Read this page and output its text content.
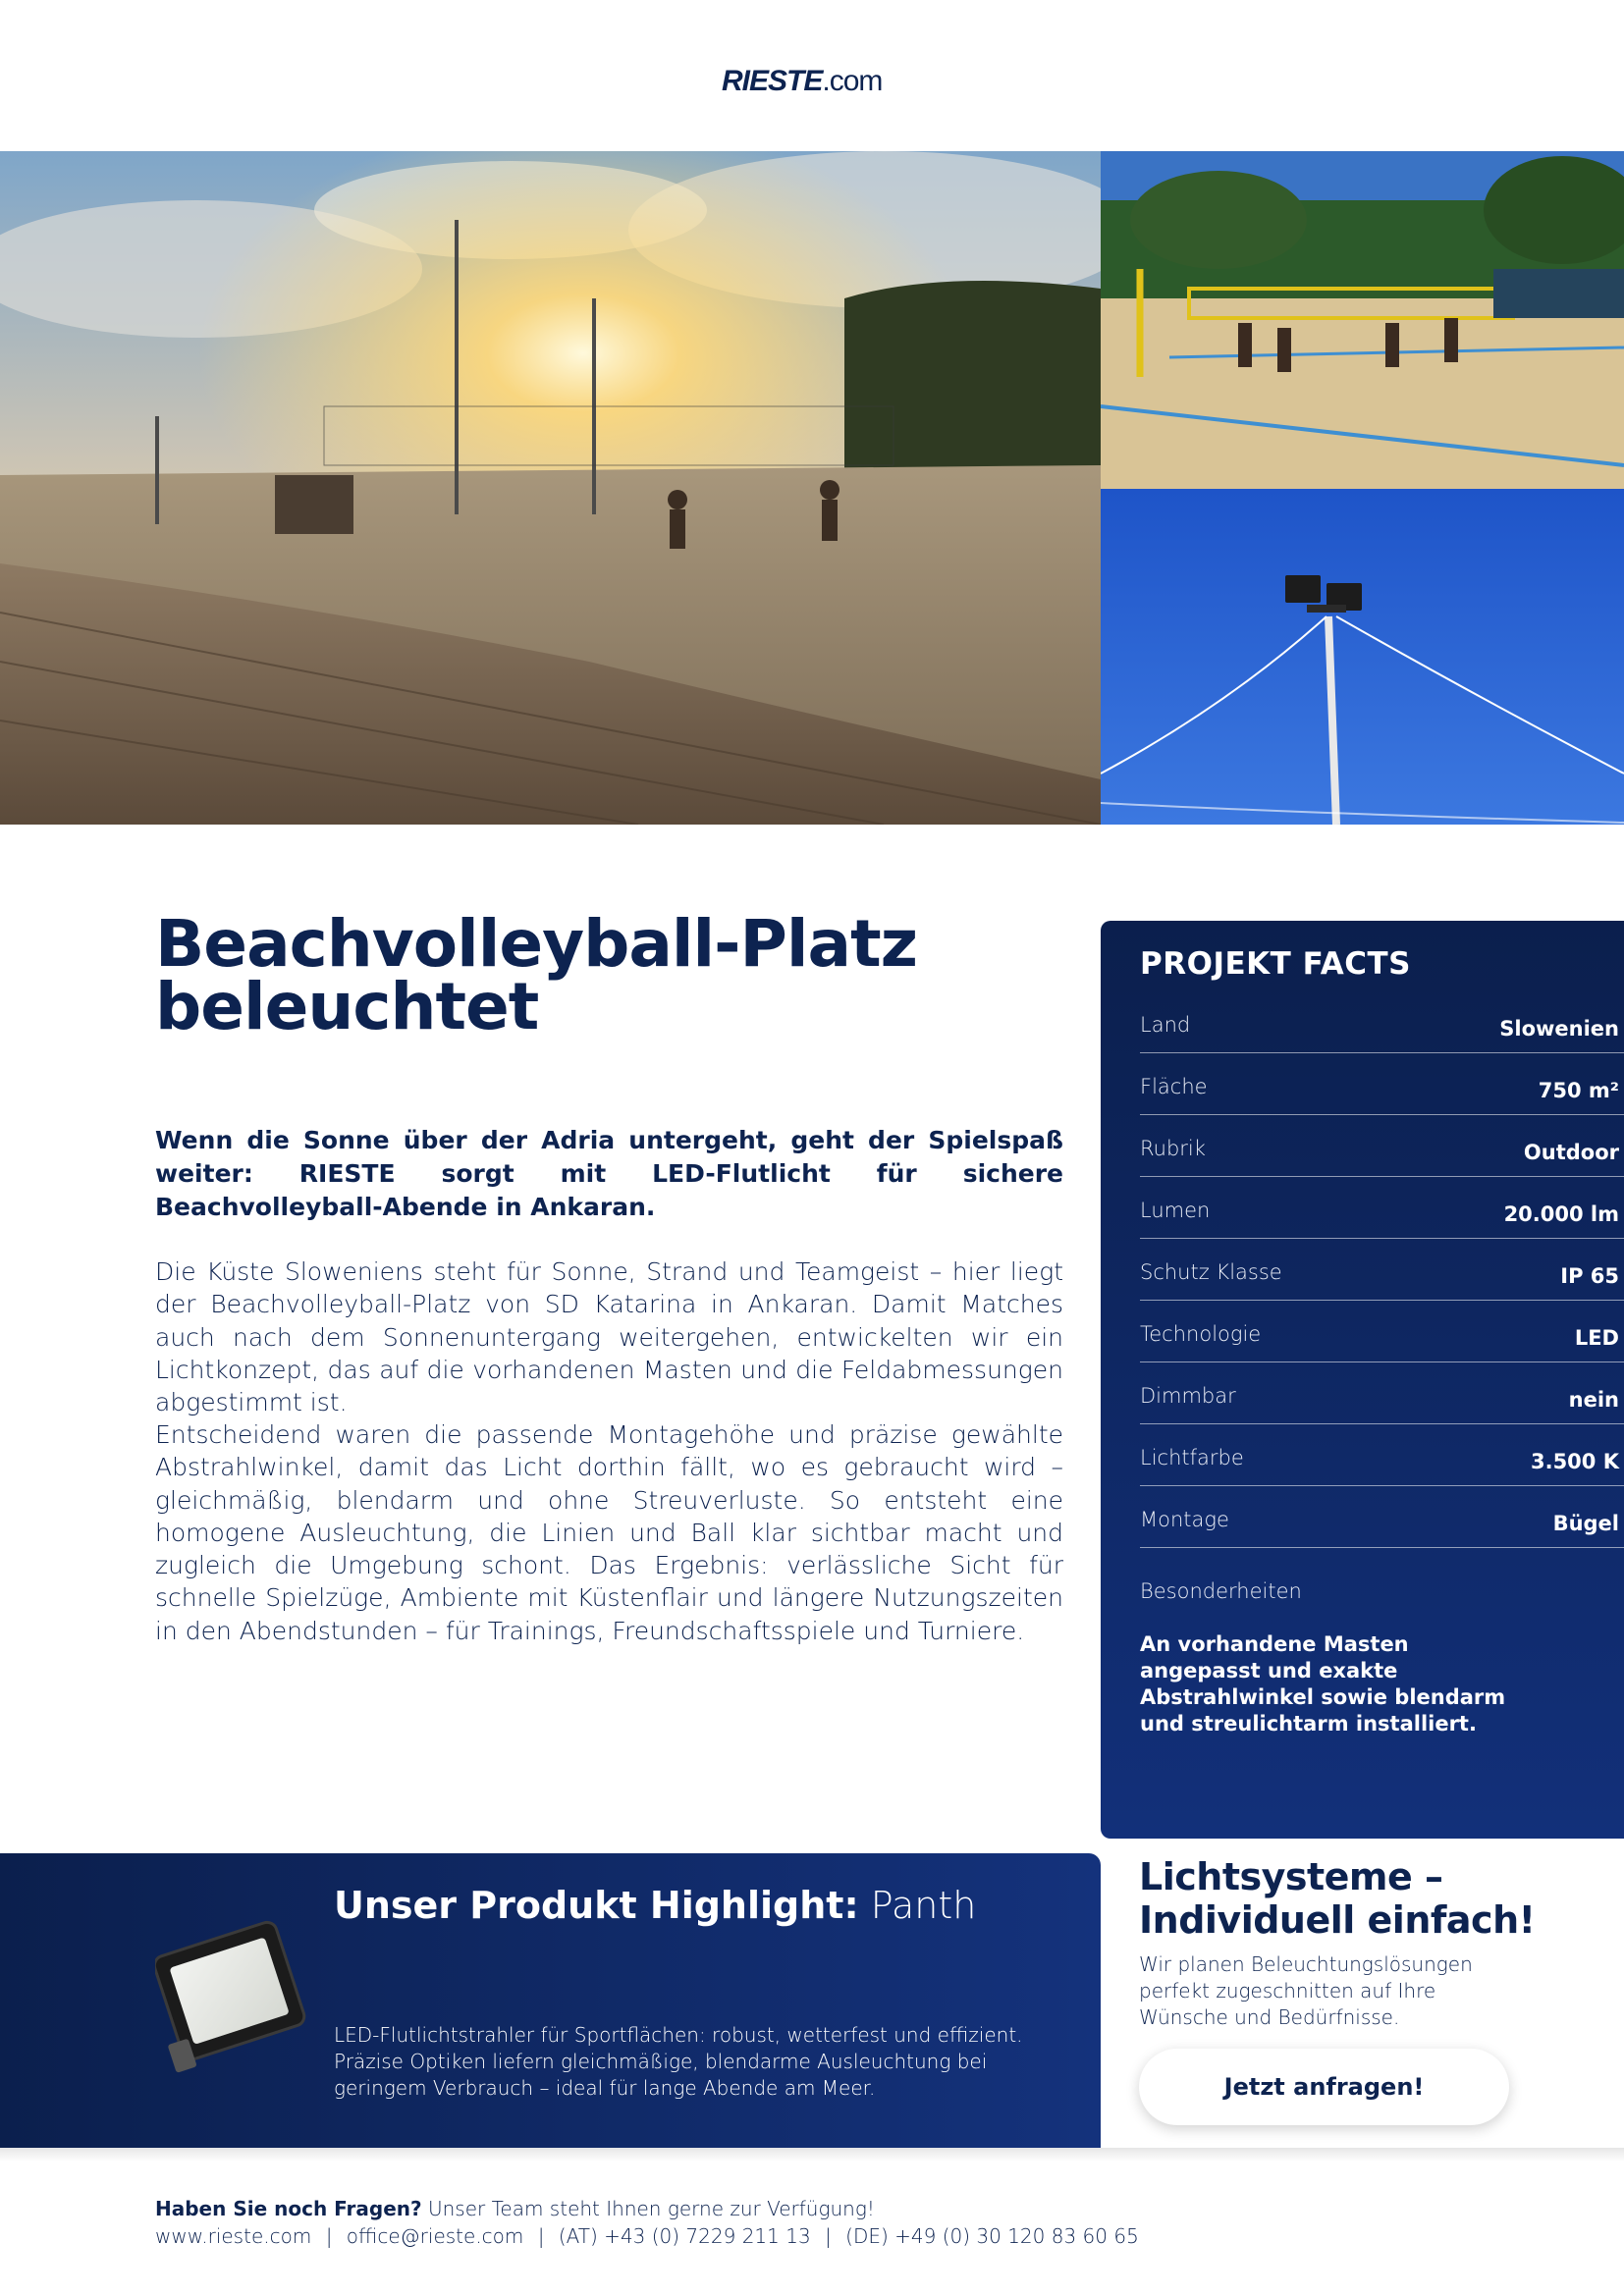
RIESTE.com
Beachvolleyball-Platz
beleuchtet

Wenn die Sonne über der Adria untergeht, geht der Spielspaß weiter: RIESTE sorgt mit LED-Flutlicht für sichere Beachvolleyball-Abende in Ankaran.

Die Küste Sloweniens steht für Sonne, Strand und Teamgeist – hier liegt der Beachvolleyball-Platz von SD Katarina in Ankaran. Damit Matches auch nach dem Sonnenuntergang weitergehen, entwickelten wir ein Lichtkonzept, das auf die vorhandenen Masten und die Feldabmessungen abgestimmt ist.

Entscheidend waren die passende Montagehöhe und präzise gewählte Abstrahlwinkel, damit das Licht dorthin fällt, wo es gebraucht wird – gleichmäßig, blendarm und ohne Streuverluste. So entsteht eine homogene Ausleuchtung, die Linien und Ball klar sichtbar macht und zugleich die Umgebung schont. Das Ergebnis: verlässliche Sicht für schnelle Spielzüge, Ambiente mit Küstenflair und längere Nutzungszeiten in den Abendstunden – für Trainings, Freundschaftsspiele und Turniere.

PROJEKT FACTS
Land	Slowenien
Fläche	750 m²
Rubrik	Outdoor
Lumen	20.000 lm
Schutz Klasse	IP 65
Technologie	LED
Dimmbar	nein
Lichtfarbe	3.500 K
Montage	Bügel
Besonderheiten
An vorhandene Masten angepasst und exakte Abstrahlwinkel sowie blendarm und streulichtarm installiert.
Unser Produkt Highlight: Panth

LED-Flutlichtstrahler für Sportflächen: robust, wetterfest und effizient. Präzise Optiken liefern gleichmäßige, blendarme Ausleuchtung bei geringem Verbrauch – ideal für lange Abende am Meer.

Lichtsysteme –
Individuell einfach!

Wir planen Beleuchtungslösungen perfekt zugeschnitten auf Ihre Wünsche und Bedürfnisse.

Jetzt anfragen!
Haben Sie noch Fragen? Unser Team steht Ihnen gerne zur Verfügung!
www.rieste.com | office@rieste.com | (AT) +43 (0) 7229 211 13 | (DE) +49 (0) 30 120 83 60 65
